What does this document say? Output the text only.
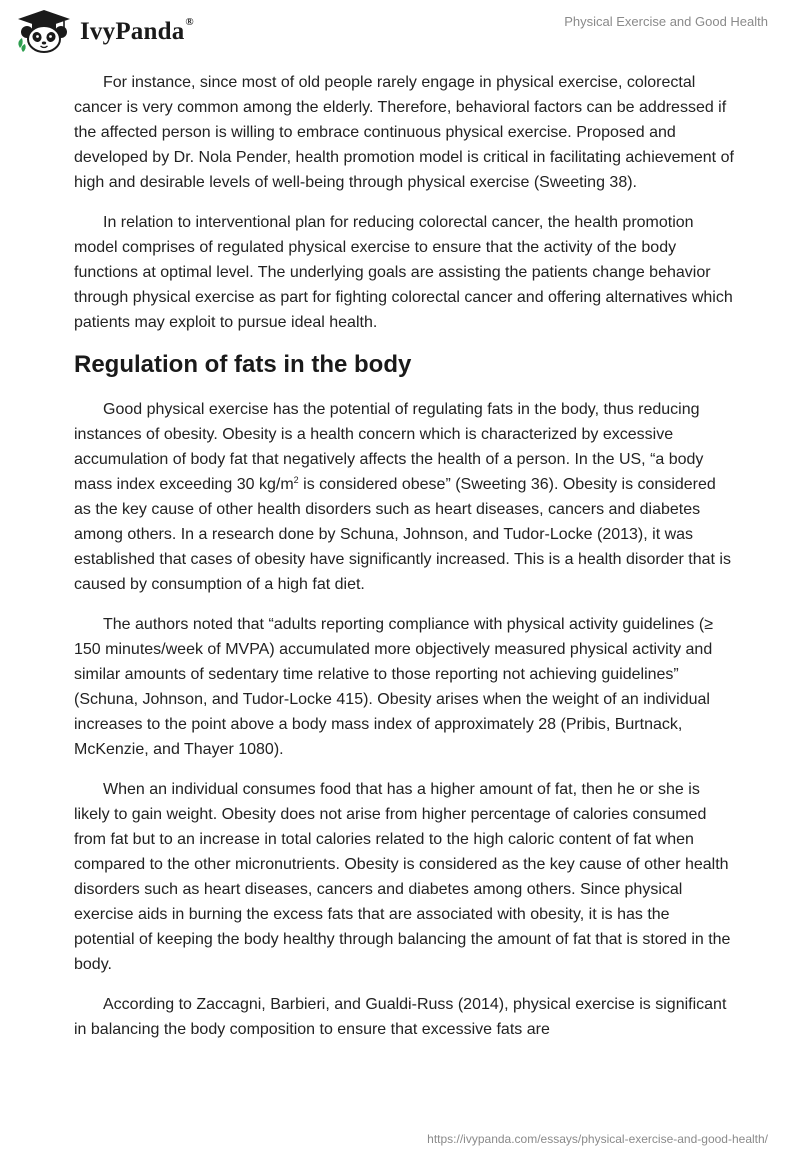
IvyPanda®	Physical Exercise and Good Health

For instance, since most of old people rarely engage in physical exercise, colorectal cancer is very common among the elderly. Therefore, behavioral factors can be addressed if the affected person is willing to embrace continuous physical exercise. Proposed and developed by Dr. Nola Pender, health promotion model is critical in facilitating achievement of high and desirable levels of well-being through physical exercise (Sweeting 38).

In relation to interventional plan for reducing colorectal cancer, the health promotion model comprises of regulated physical exercise to ensure that the activity of the body functions at optimal level. The underlying goals are assisting the patients change behavior through physical exercise as part for fighting colorectal cancer and offering alternatives which patients may exploit to pursue ideal health.

Regulation of fats in the body

Good physical exercise has the potential of regulating fats in the body, thus reducing instances of obesity. Obesity is a health concern which is characterized by excessive accumulation of body fat that negatively affects the health of a person. In the US, “a body mass index exceeding 30 $kg/m^2$ is considered obese” (Sweeting 36). Obesity is considered as the key cause of other health disorders such as heart diseases, cancers and diabetes among others. In a research done by Schuna, Johnson, and Tudor-Locke (2013), it was established that cases of obesity have significantly increased. This is a health disorder that is caused by consumption of a high fat diet.

The authors noted that “adults reporting compliance with physical activity guidelines (≥ 150 minutes/week of MVPA) accumulated more objectively measured physical activity and similar amounts of sedentary time relative to those reporting not achieving guidelines” (Schuna, Johnson, and Tudor-Locke 415). Obesity arises when the weight of an individual increases to the point above a body mass index of approximately 28 (Pribis, Burtnack, McKenzie, and Thayer 1080).

When an individual consumes food that has a higher amount of fat, then he or she is likely to gain weight. Obesity does not arise from higher percentage of calories consumed from fat but to an increase in total calories related to the high caloric content of fat when compared to the other micronutrients. Obesity is considered as the key cause of other health disorders such as heart diseases, cancers and diabetes among others. Since physical exercise aids in burning the excess fats that are associated with obesity, it is has the potential of keeping the body healthy through balancing the amount of fat that is stored in the body.

According to Zaccagni, Barbieri, and Gualdi-Russ (2014), physical exercise is significant in balancing the body composition to ensure that excessive fats are

https://ivypanda.com/essays/physical-exercise-and-good-health/
